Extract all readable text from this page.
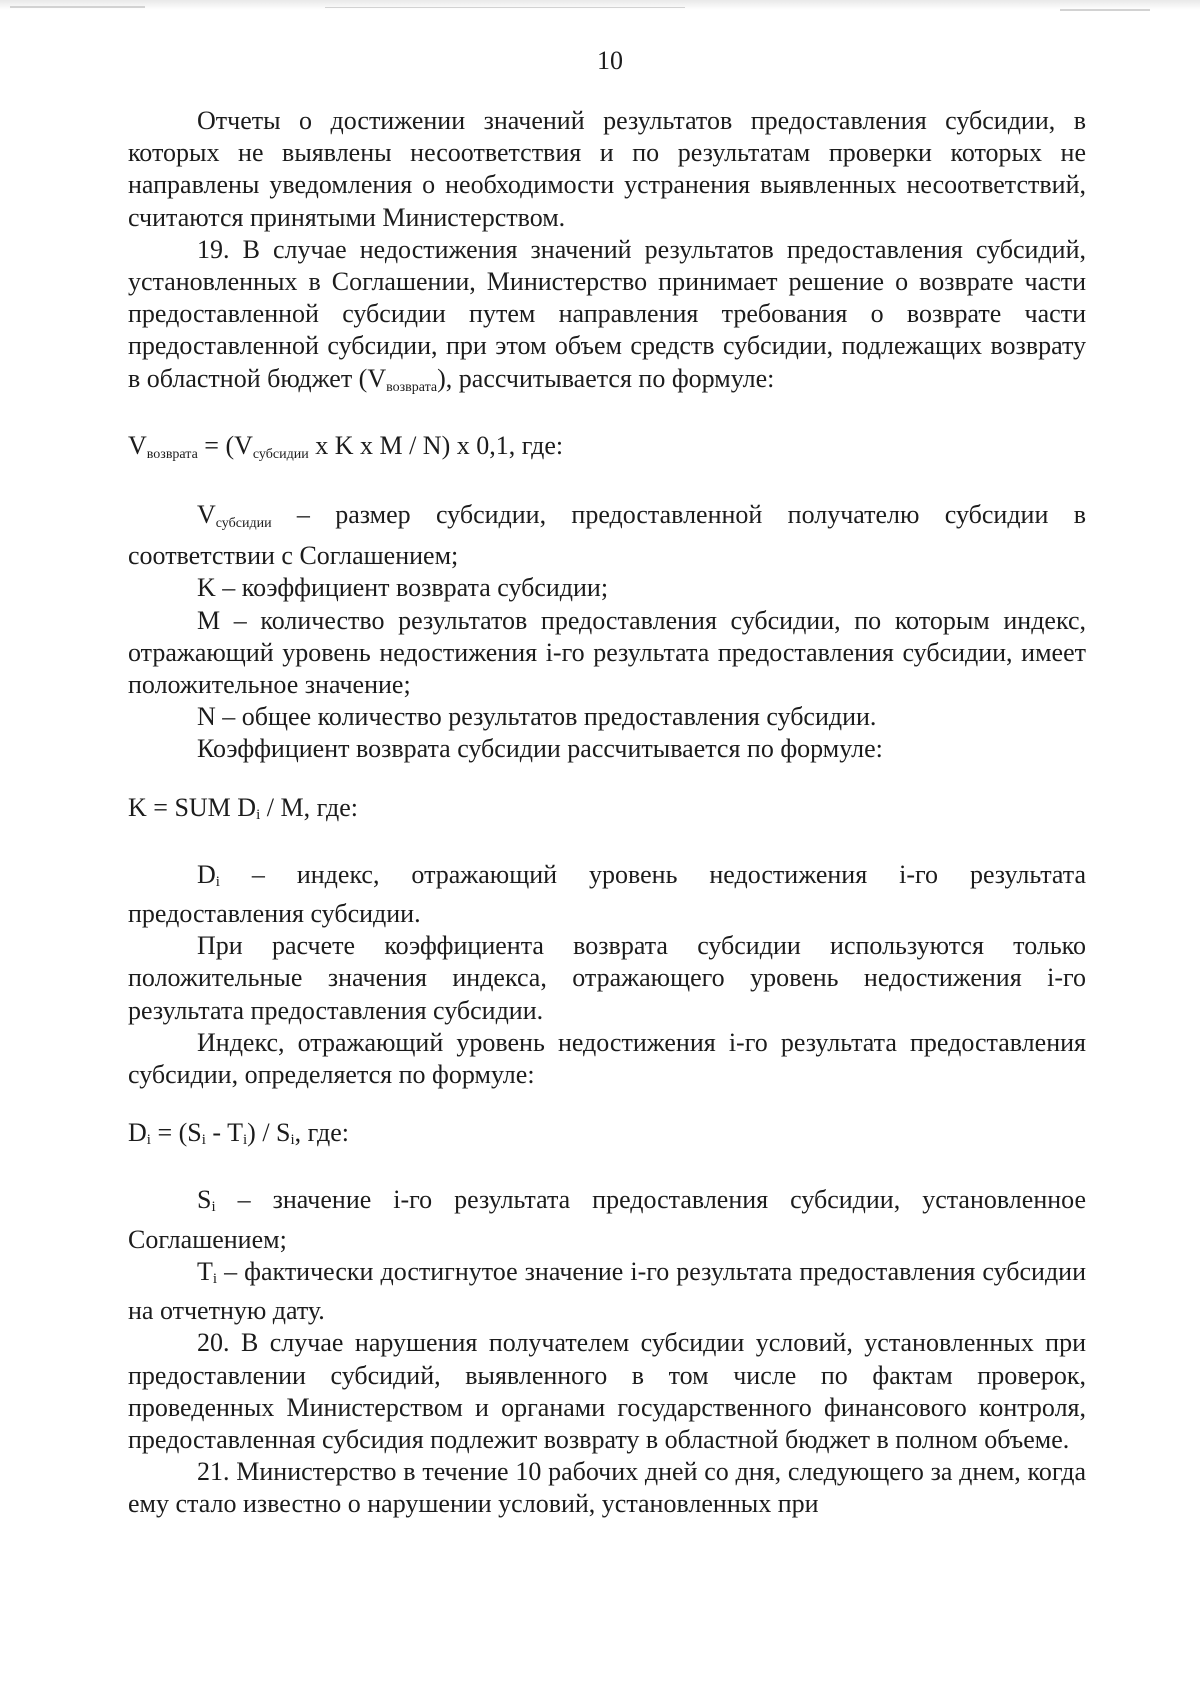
10

Отчеты о достижении значений результатов предоставления субсидии, в которых не выявлены несоответствия и по результатам проверки которых не направлены уведомления о необходимости устранения выявленных несоответствий, считаются принятыми Министерством.

19. В случае недостижения значений результатов предоставления субсидий, установленных в Соглашении, Министерство принимает решение о возврате части предоставленной субсидии путем направления требования о возврате части предоставленной субсидии, при этом объем средств субсидии, подлежащих возврату в областной бюджет $(V_{возврата})$, рассчитывается по формуле:

$V_{возврата} = (V_{субсидии}$ x K x M / N) x 0,1, где:

$V_{субсидии}$ – размер субсидии, предоставленной получателю субсидии в соответствии с Соглашением;

K – коэффициент возврата субсидии;

M – количество результатов предоставления субсидии, по которым индекс, отражающий уровень недостижения i-го результата предоставления субсидии, имеет положительное значение;

N – общее количество результатов предоставления субсидии.

Коэффициент возврата субсидии рассчитывается по формуле:

K = SUM Di / M, где:

Di – индекс, отражающий уровень недостижения i-го результата предоставления субсидии.

При расчете коэффициента возврата субсидии используются только положительные значения индекса, отражающего уровень недостижения i-го результата предоставления субсидии.

Индекс, отражающий уровень недостижения i-го результата предоставления субсидии, определяется по формуле:

Di = (Si - Ti) / Si, где:

Si – значение i-го результата предоставления субсидии, установленное Соглашением;

Ti – фактически достигнутое значение i-го результата предоставления субсидии на отчетную дату.

20. В случае нарушения получателем субсидии условий, установленных при предоставлении субсидий, выявленного в том числе по фактам проверок, проведенных Министерством и органами государственного финансового контроля, предоставленная субсидия подлежит возврату в областной бюджет в полном объеме.

21. Министерство в течение 10 рабочих дней со дня, следующего за днем, когда ему стало известно о нарушении условий, установленных при
